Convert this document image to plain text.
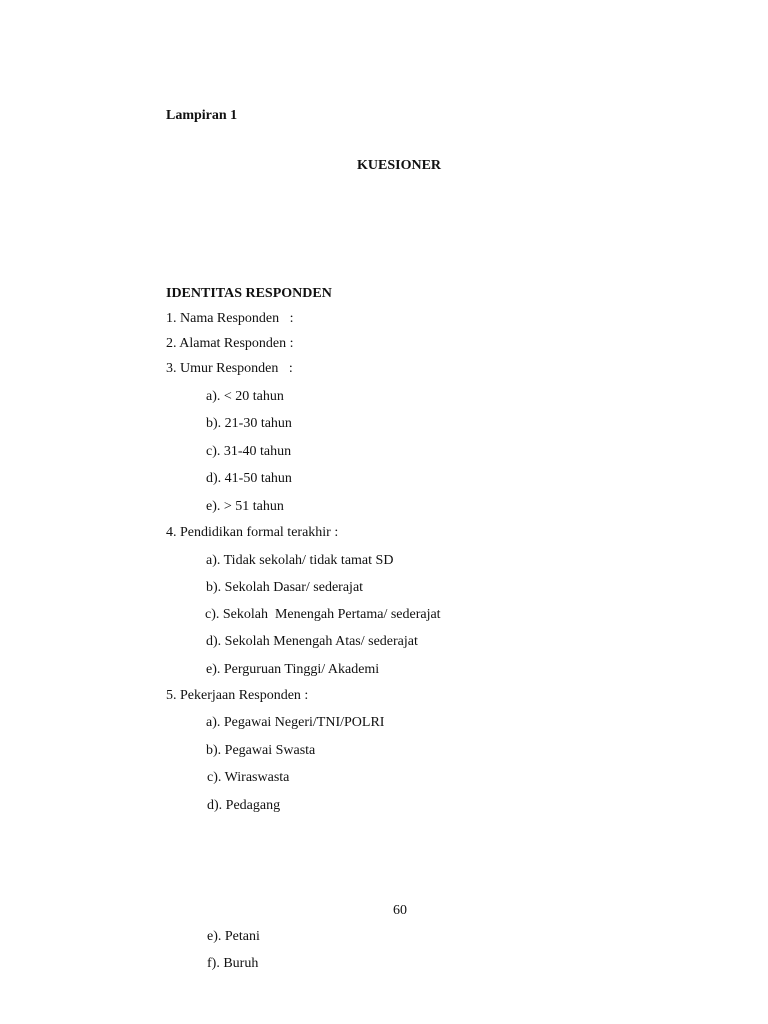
Lampiran 1
KUESIONER
IDENTITAS RESPONDEN
1. Nama Responden   :
2. Alamat Responden :
3. Umur Responden   :
a). < 20 tahun
b). 21-30 tahun
c). 31-40 tahun
d). 41-50 tahun
e). > 51 tahun
4. Pendidikan formal terakhir :
a). Tidak sekolah/ tidak tamat SD
b). Sekolah Dasar/ sederajat
c). Sekolah  Menengah Pertama/ sederajat
d). Sekolah Menengah Atas/ sederajat
e). Perguruan Tinggi/ Akademi
5. Pekerjaan Responden :
a). Pegawai Negeri/TNI/POLRI
b). Pegawai Swasta
c). Wiraswasta
d). Pedagang
60
e). Petani
f). Buruh
